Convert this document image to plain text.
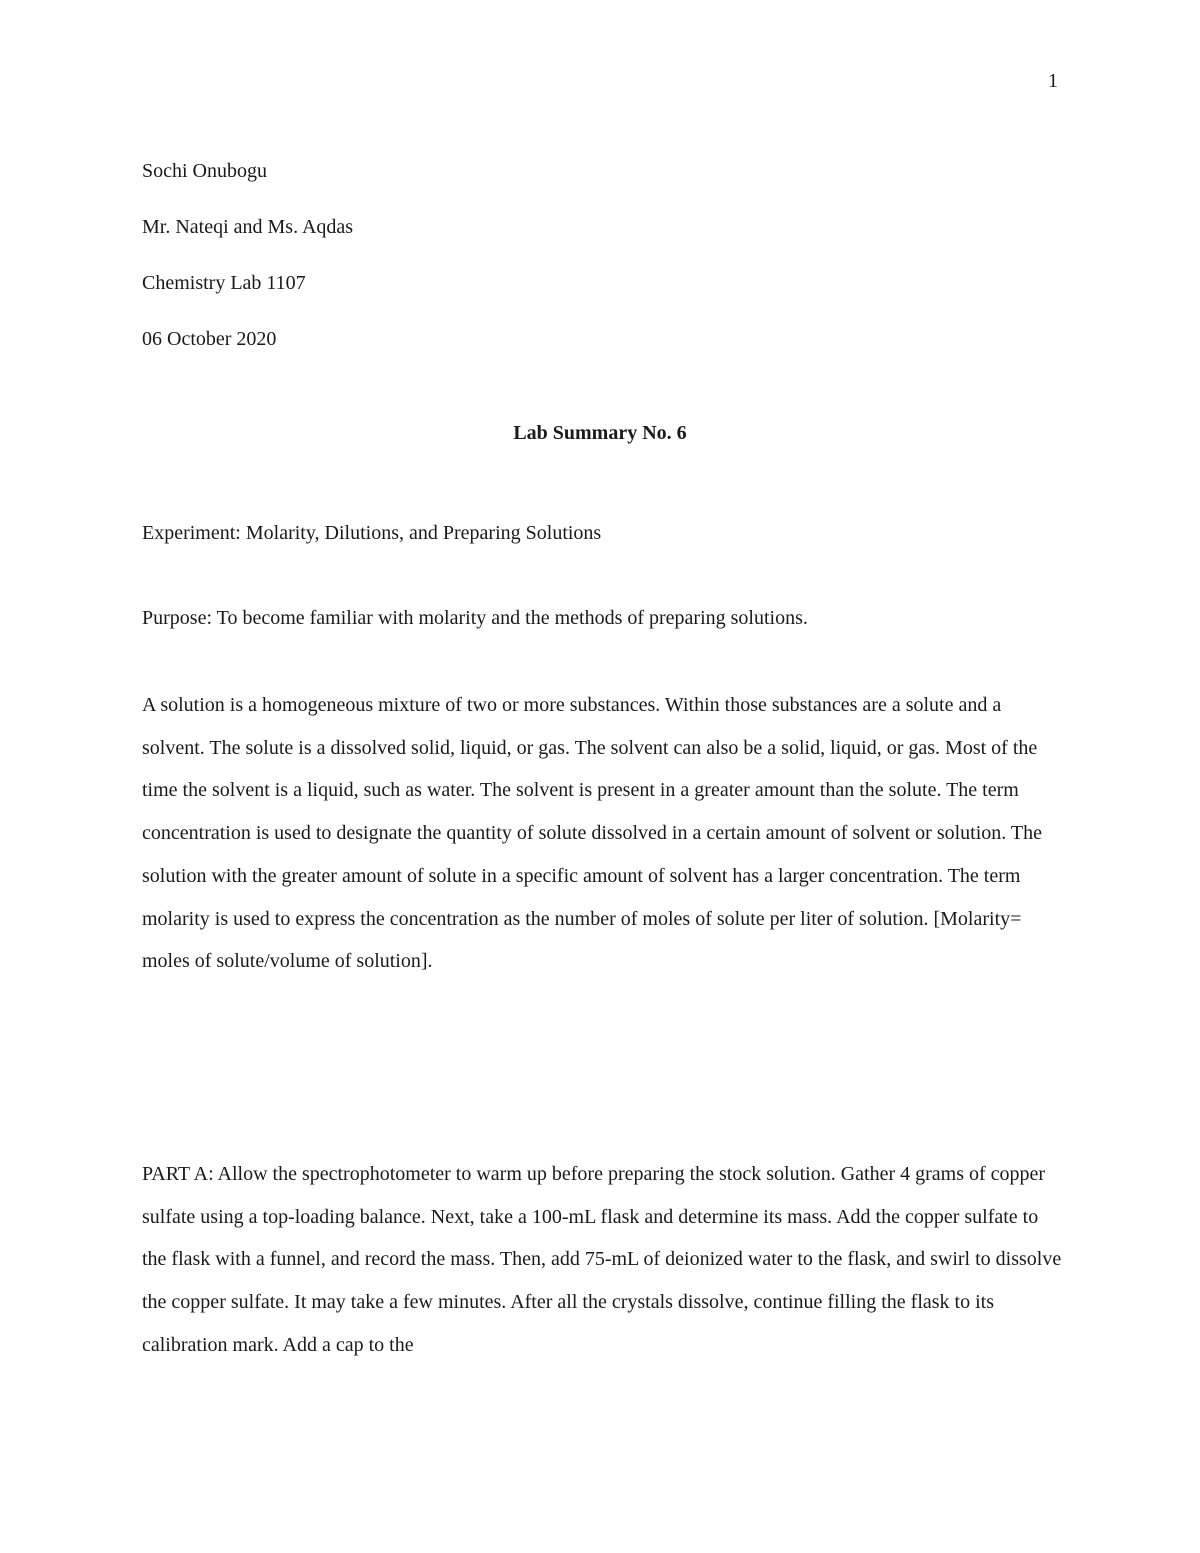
1
Sochi Onubogu
Mr. Nateqi and Ms. Aqdas
Chemistry Lab 1107
06 October 2020
Lab Summary No. 6
Experiment: Molarity, Dilutions, and Preparing Solutions
Purpose: To become familiar with molarity and the methods of preparing solutions.
A solution is a homogeneous mixture of two or more substances. Within those substances are a solute and a solvent. The solute is a dissolved solid, liquid, or gas. The solvent can also be a solid, liquid, or gas. Most of the time the solvent is a liquid, such as water. The solvent is present in a greater amount than the solute. The term concentration is used to designate the quantity of solute dissolved in a certain amount of solvent or solution. The solution with the greater amount of solute in a specific amount of solvent has a larger concentration. The term molarity is used to express the concentration as the number of moles of solute per liter of solution. [Molarity= moles of solute/volume of solution].
PART A: Allow the spectrophotometer to warm up before preparing the stock solution. Gather 4 grams of copper sulfate using a top-loading balance. Next, take a 100-mL flask and determine its mass. Add the copper sulfate to the flask with a funnel, and record the mass. Then, add 75-mL of deionized water to the flask, and swirl to dissolve the copper sulfate. It may take a few minutes. After all the crystals dissolve, continue filling the flask to its calibration mark. Add a cap to the
